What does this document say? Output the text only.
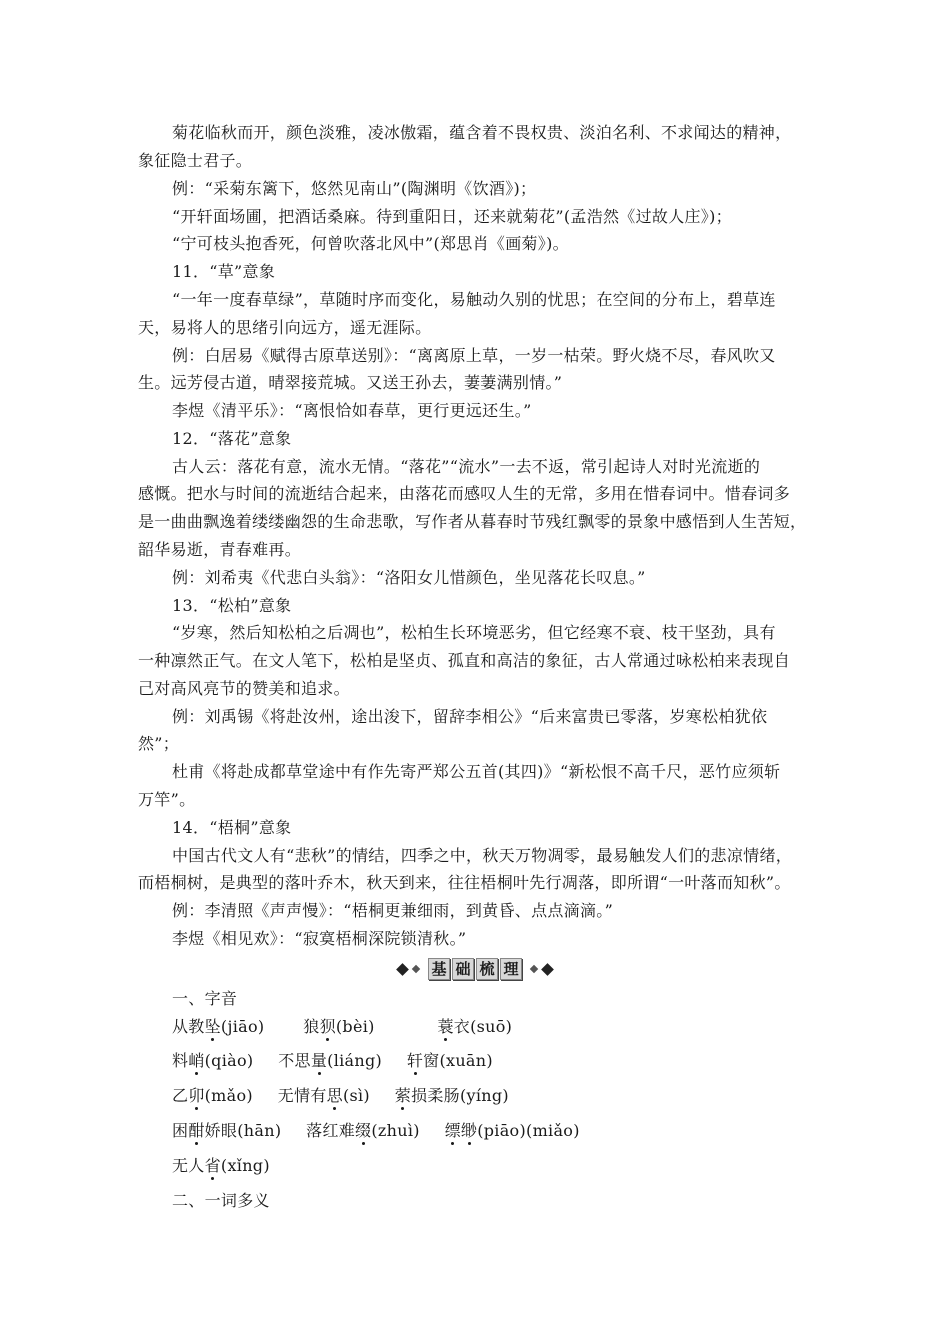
菊花临秋而开，颜色淡雅，凌冰傲霜，蕴含着不畏权贵、淡泊名利、不求闻达的精神，
象征隐士君子。
例：“采菊东篱下，悠然见南山”(陶渊明《饮酒》)；
“开轩面场圃，把酒话桑麻。待到重阳日，还来就菊花”(孟浩然《过故人庄》)；
“宁可枝头抱香死，何曾吹落北风中”(郑思肖《画菊》)。
11．“草”意象
“一年一度春草绿”，草随时序而变化，易触动久别的忧思；在空间的分布上，碧草连
天，易将人的思绪引向远方，遥无涯际。
例：白居易《赋得古原草送别》：“离离原上草，一岁一枯荣。野火烧不尽，春风吹又
生。远芳侵古道，晴翠接荒城。又送王孙去，萋萋满别情。”
李煜《清平乐》：“离恨恰如春草，更行更远还生。”
12．“落花”意象
古人云：落花有意，流水无情。“落花”“流水”一去不返，常引起诗人对时光流逝的
感慨。把水与时间的流逝结合起来，由落花而感叹人生的无常，多用在惜春词中。惜春词多
是一曲曲飘逸着缕缕幽怨的生命悲歌，写作者从暮春时节残红飘零的景象中感悟到人生苦短，
韶华易逝，青春难再。
例：刘希夷《代悲白头翁》：“洛阳女儿惜颜色，坐见落花长叹息。”
13．“松柏”意象
“岁寒，然后知松柏之后凋也”，松柏生长环境恶劣，但它经寒不衰、枝干坚劲，具有
一种凛然正气。在文人笔下，松柏是坚贞、孤直和高洁的象征，古人常通过咏松柏来表现自
己对高风亮节的赞美和追求。
例：刘禹锡《将赴汝州，途出浚下，留辞李相公》“后来富贵已零落，岁寒松柏犹依
然”；
杜甫《将赴成都草堂途中有作先寄严郑公五首(其四)》“新松恨不高千尺，恶竹应须斩
万竿”。
14．“梧桐”意象
中国古代文人有“悲秋”的情结，四季之中，秋天万物凋零，最易触发人们的悲凉情绪，
而梧桐树，是典型的落叶乔木，秋天到来，往往梧桐叶先行凋落，即所谓“一叶落而知秋”。
例：李清照《声声慢》：“梧桐更兼细雨，到黄昏、点点滴滴。”
李煜《相见欢》：“寂寞梧桐深院锁清秋。”
基 础 梳 理
一、字音
从教坠(jiāo) 狼狈(bèi)	蓑衣(suō)
料峭(qiào) 不思量(liáng) 轩窗(xuān)
乙卯(mǎo) 无情有思(sì) 萦损柔肠(yíng)
困酣娇眼(hān) 落红难缀(zhuì) 缥缈(piāo)(miǎo)
无人省(xǐng)
二、一词多义
